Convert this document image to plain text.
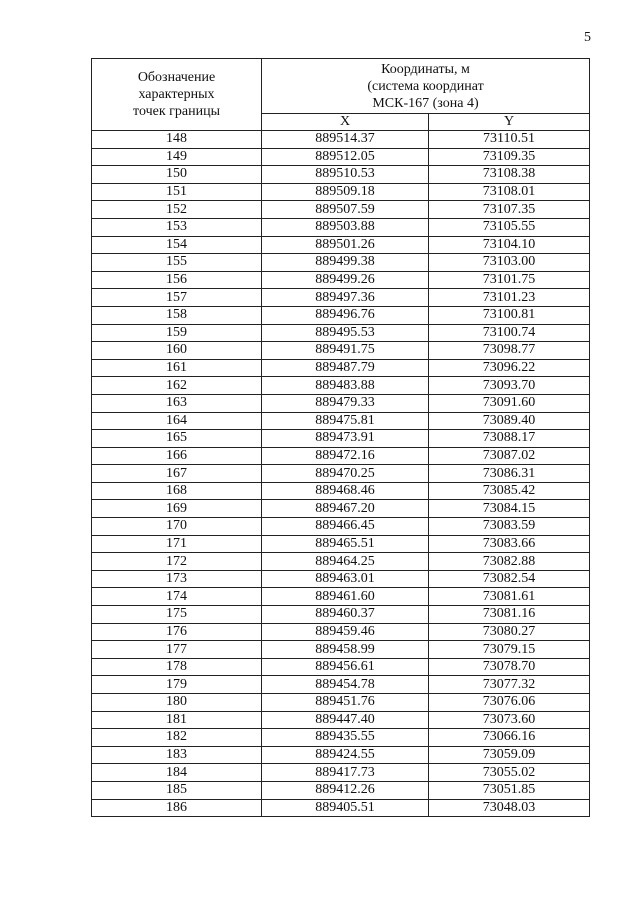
5
Обозначение
характерных
точек границы	Координаты, м
(система координат
МСК-167 (зона 4)	

	X	Y
148	889514.37	73110.51
149	889512.05	73109.35
150	889510.53	73108.38
151	889509.18	73108.01
152	889507.59	73107.35
153	889503.88	73105.55
154	889501.26	73104.10
155	889499.38	73103.00
156	889499.26	73101.75
157	889497.36	73101.23
158	889496.76	73100.81
159	889495.53	73100.74
160	889491.75	73098.77
161	889487.79	73096.22
162	889483.88	73093.70
163	889479.33	73091.60
164	889475.81	73089.40
165	889473.91	73088.17
166	889472.16	73087.02
167	889470.25	73086.31
168	889468.46	73085.42
169	889467.20	73084.15
170	889466.45	73083.59
171	889465.51	73083.66
172	889464.25	73082.88
173	889463.01	73082.54
174	889461.60	73081.61
175	889460.37	73081.16
176	889459.46	73080.27
177	889458.99	73079.15
178	889456.61	73078.70
179	889454.78	73077.32
180	889451.76	73076.06
181	889447.40	73073.60
182	889435.55	73066.16
183	889424.55	73059.09
184	889417.73	73055.02
185	889412.26	73051.85
186	889405.51	73048.03
